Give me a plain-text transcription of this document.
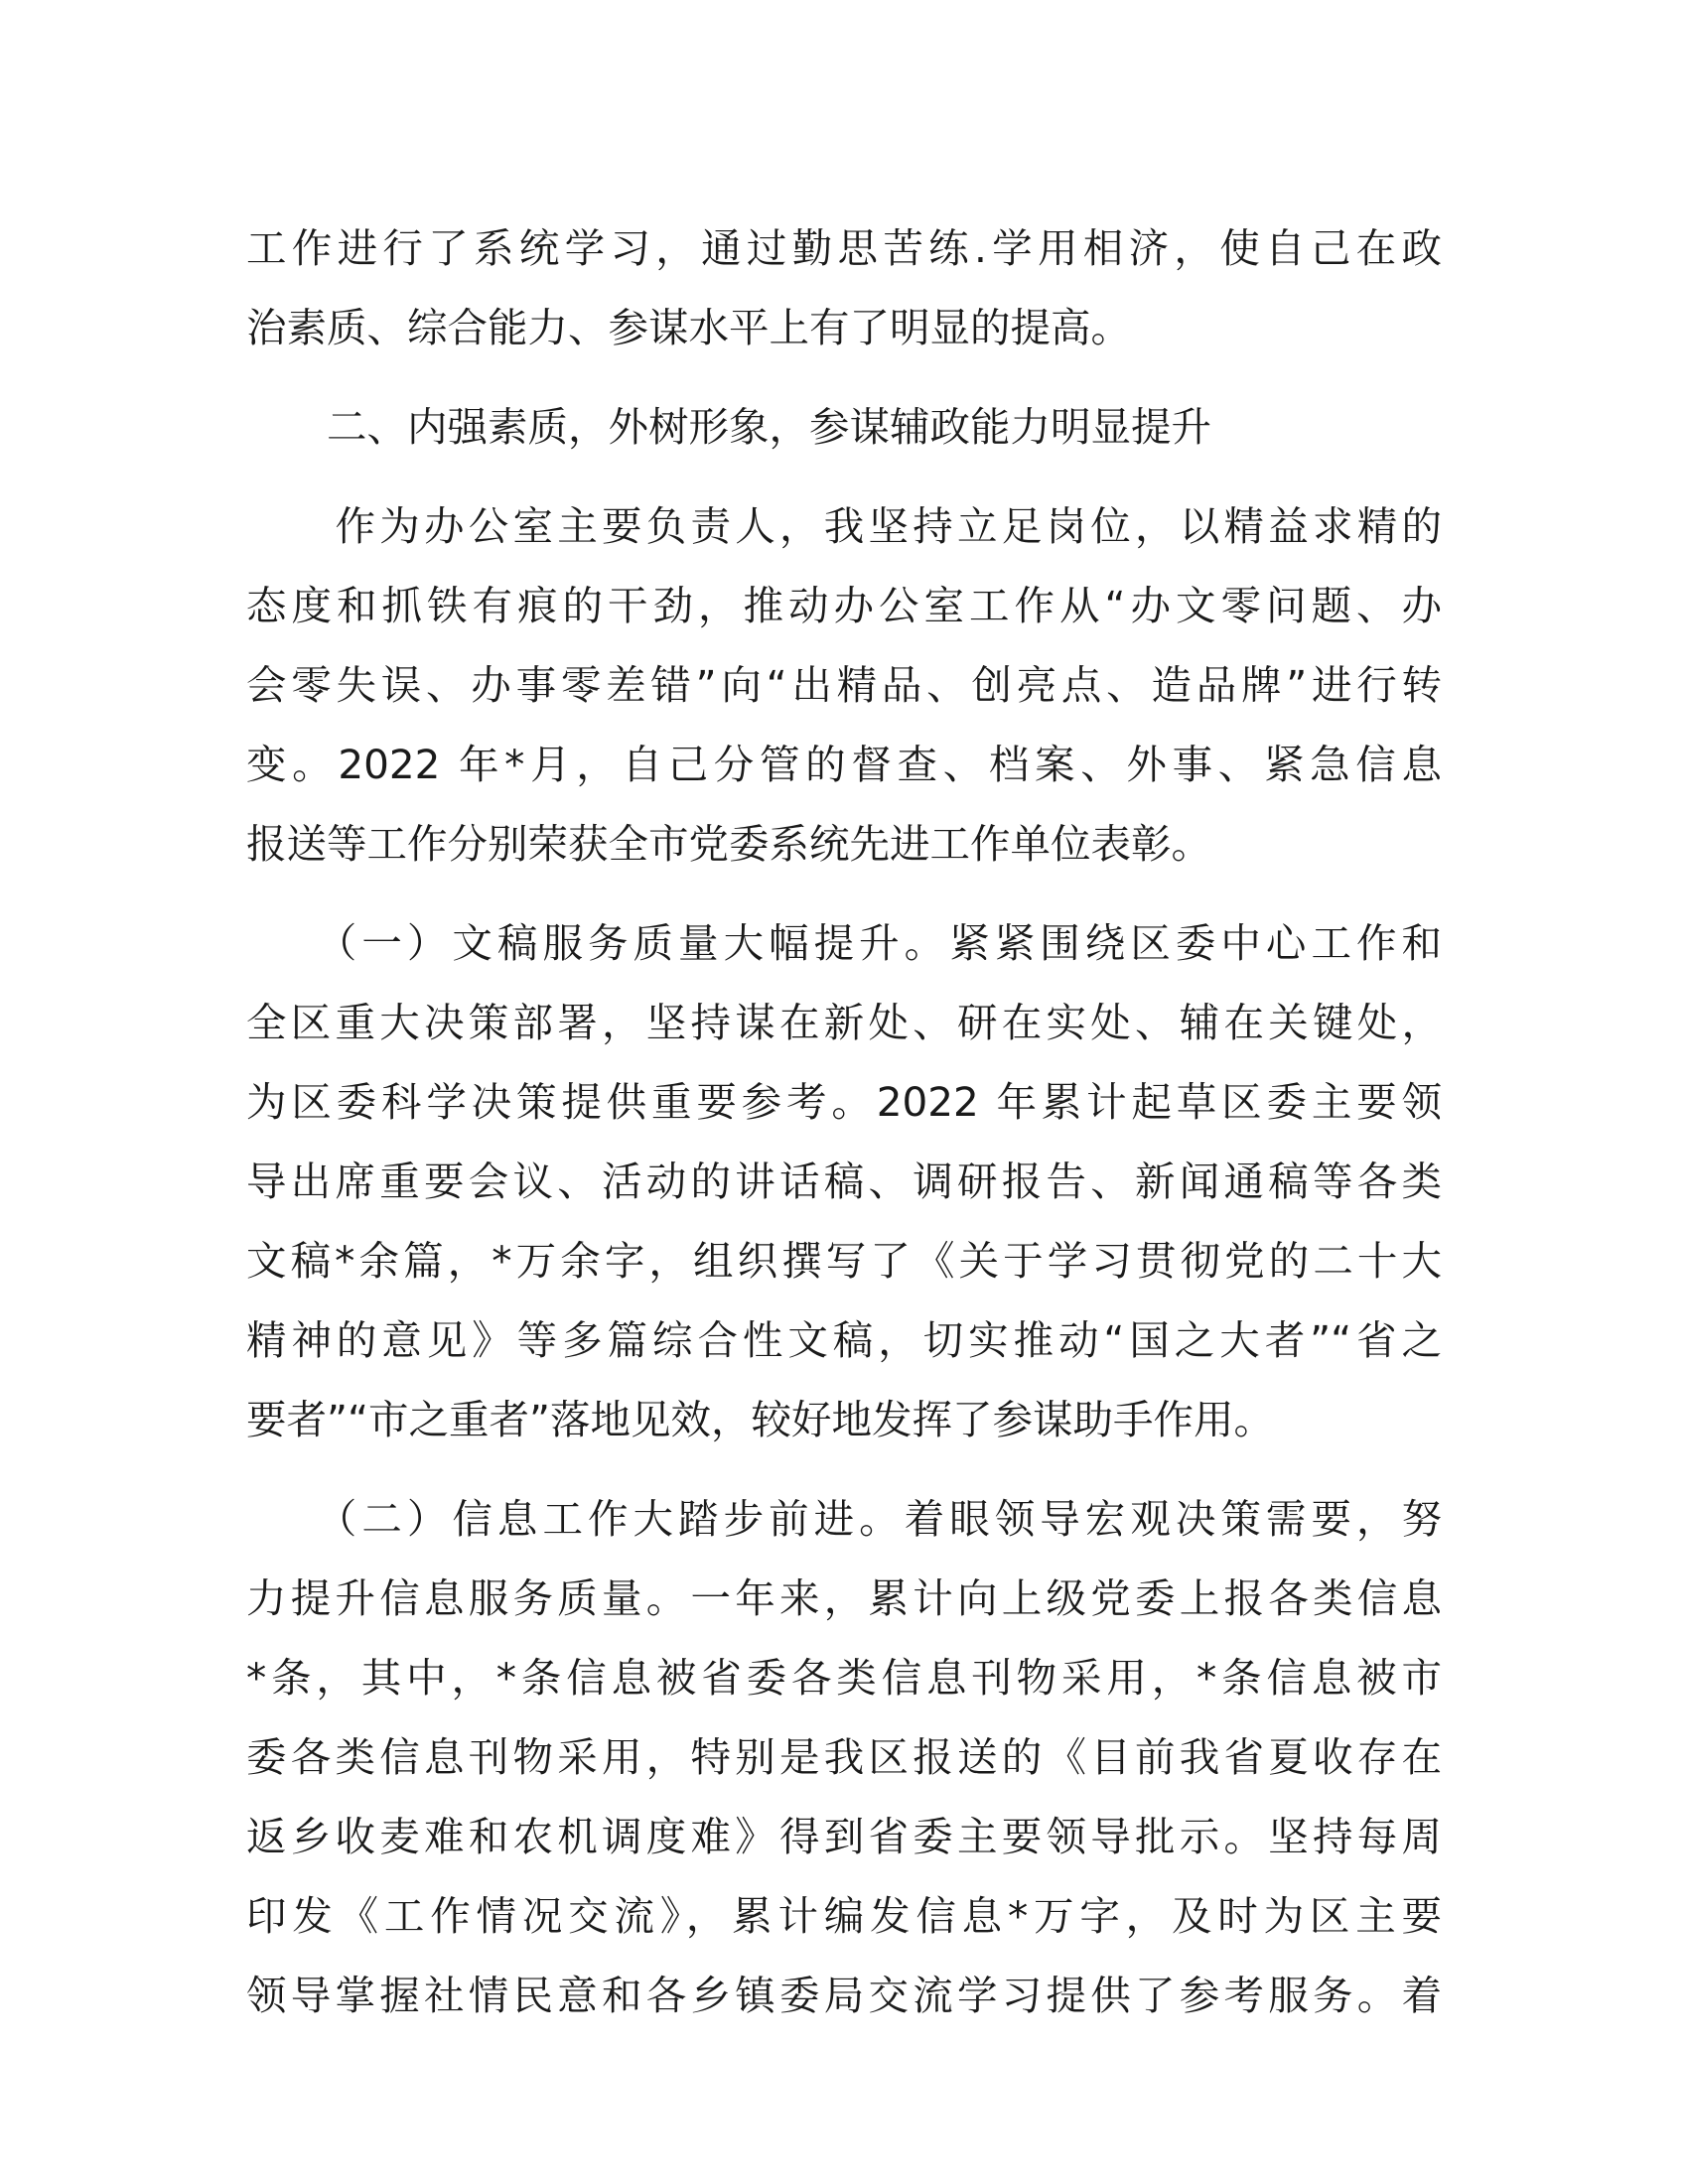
工作进行了系统学习，通过勤思苦练.学用相济，使自己在政
治素质、综合能力、参谋水平上有了明显的提高。
　　二、内强素质，外树形象，参谋辅政能力明显提升
　　作为办公室主要负责人，我坚持立足岗位，以精益求精的
态度和抓铁有痕的干劲，推动办公室工作从“办文零问题、办
会零失误、办事零差错”向“出精品、创亮点、造品牌”进行转
变。2022 年*月，自己分管的督查、档案、外事、紧急信息
报送等工作分别荣获全市党委系统先进工作单位表彰。
　　（一）文稿服务质量大幅提升。紧紧围绕区委中心工作和
全区重大决策部署，坚持谋在新处、研在实处、辅在关键处，
为区委科学决策提供重要参考。2022 年累计起草区委主要领
导出席重要会议、活动的讲话稿、调研报告、新闻通稿等各类
文稿*余篇，*万余字，组织撰写了《关于学习贯彻党的二十大
精神的意见》等多篇综合性文稿，切实推动“国之大者”“省之
要者”“市之重者”落地见效，较好地发挥了参谋助手作用。
　　（二）信息工作大踏步前进。着眼领导宏观决策需要，努
力提升信息服务质量。一年来，累计向上级党委上报各类信息
*条，其中，*条信息被省委各类信息刊物采用，*条信息被市
委各类信息刊物采用，特别是我区报送的《目前我省夏收存在
返乡收麦难和农机调度难》得到省委主要领导批示。坚持每周
印发《工作情况交流》，累计编发信息*万字，及时为区主要
领导掌握社情民意和各乡镇委局交流学习提供了参考服务。着
